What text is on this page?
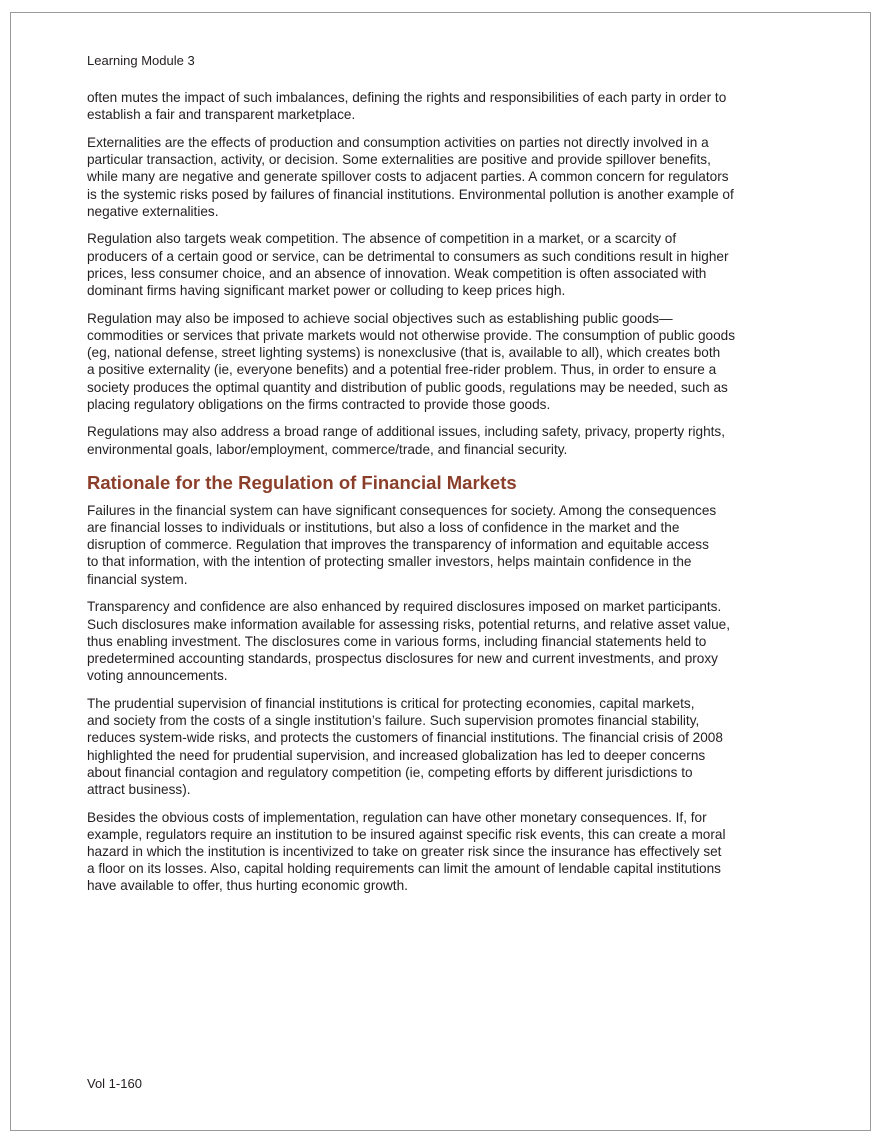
Learning Module 3
often mutes the impact of such imbalances, defining the rights and responsibilities of each party in order to
establish a fair and transparent marketplace.
Externalities are the effects of production and consumption activities on parties not directly involved in a
particular transaction, activity, or decision. Some externalities are positive and provide spillover benefits,
while many are negative and generate spillover costs to adjacent parties. A common concern for regulators
is the systemic risks posed by failures of financial institutions. Environmental pollution is another example of
negative externalities.
Regulation also targets weak competition. The absence of competition in a market, or a scarcity of
producers of a certain good or service, can be detrimental to consumers as such conditions result in higher
prices, less consumer choice, and an absence of innovation. Weak competition is often associated with
dominant firms having significant market power or colluding to keep prices high.
Regulation may also be imposed to achieve social objectives such as establishing public goods—
commodities or services that private markets would not otherwise provide. The consumption of public goods
(eg, national defense, street lighting systems) is nonexclusive (that is, available to all), which creates both
a positive externality (ie, everyone benefits) and a potential free-rider problem. Thus, in order to ensure a
society produces the optimal quantity and distribution of public goods, regulations may be needed, such as
placing regulatory obligations on the firms contracted to provide those goods.
Regulations may also address a broad range of additional issues, including safety, privacy, property rights,
environmental goals, labor/employment, commerce/trade, and financial security.
Rationale for the Regulation of Financial Markets
Failures in the financial system can have significant consequences for society. Among the consequences
are financial losses to individuals or institutions, but also a loss of confidence in the market and the
disruption of commerce. Regulation that improves the transparency of information and equitable access
to that information, with the intention of protecting smaller investors, helps maintain confidence in the
financial system.
Transparency and confidence are also enhanced by required disclosures imposed on market participants.
Such disclosures make information available for assessing risks, potential returns, and relative asset value,
thus enabling investment. The disclosures come in various forms, including financial statements held to
predetermined accounting standards, prospectus disclosures for new and current investments, and proxy
voting announcements.
The prudential supervision of financial institutions is critical for protecting economies, capital markets,
and society from the costs of a single institution’s failure. Such supervision promotes financial stability,
reduces system-wide risks, and protects the customers of financial institutions. The financial crisis of 2008
highlighted the need for prudential supervision, and increased globalization has led to deeper concerns
about financial contagion and regulatory competition (ie, competing efforts by different jurisdictions to
attract business).
Besides the obvious costs of implementation, regulation can have other monetary consequences. If, for
example, regulators require an institution to be insured against specific risk events, this can create a moral
hazard in which the institution is incentivized to take on greater risk since the insurance has effectively set
a floor on its losses. Also, capital holding requirements can limit the amount of lendable capital institutions
have available to offer, thus hurting economic growth.
Vol 1-160
